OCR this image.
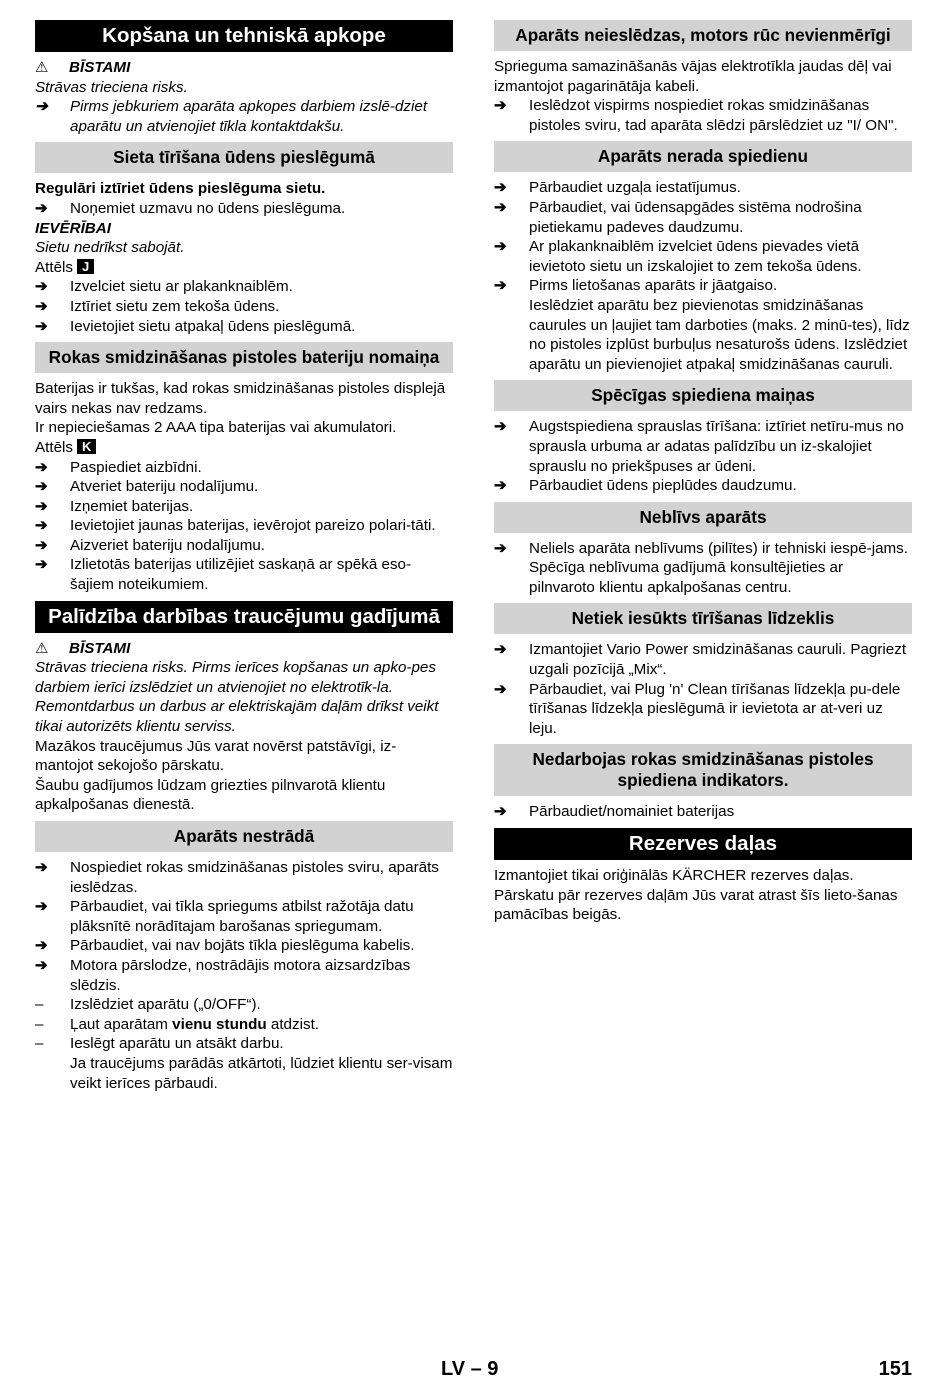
Kopšana un tehniskā apkope

⚠ BĪSTAMI

Strāvas trieciena risks.

➔	Pirms jebkuriem aparāta apkopes darbiem izslē-dziet aparātu un atvienojiet tīkla kontaktdakšu.
Sieta tīrīšana ūdens pieslēgumā

Regulāri iztīriet ūdens pieslēguma sietu.

➔	Noņemiet uzmavu no ūdens pieslēguma.

IEVĒRĪBAI

Sietu nedrīkst sabojāt.

Attēls J

➔	Izvelciet sietu ar plakanknaiblēm.
➔	Iztīriet sietu zem tekoša ūdens.
➔	Ievietojiet sietu atpakaļ ūdens pieslēgumā.
Rokas smidzināšanas pistoles bateriju nomaiņa

Baterijas ir tukšas, kad rokas smidzināšanas pistoles displejā vairs nekas nav redzams.

Ir nepieciešamas 2 AAA tipa baterijas vai akumulatori.

Attēls K

➔	Paspiediet aizbīdni.
➔	Atveriet bateriju nodalījumu.
➔	Izņemiet baterijas.
➔	Ievietojiet jaunas baterijas, ievērojot pareizo polari-tāti.
➔	Aizveriet bateriju nodalījumu.
➔	Izlietotās baterijas utilizējiet saskaņā ar spēkā eso-šajiem noteikumiem.
Palīdzība darbības traucējumu gadījumā

⚠ BĪSTAMI

Strāvas trieciena risks. Pirms ierīces kopšanas un apko-pes darbiem ierīci izslēdziet un atvienojiet no elektrotīk-la.

Remontdarbus un darbus ar elektriskajām daļām drīkst veikt tikai autorizēts klientu serviss.

Mazākos traucējumus Jūs varat novērst patstāvīgi, iz-mantojot sekojošo pārskatu.

Šaubu gadījumos lūdzam griezties pilnvarotā klientu apkalpošanas dienestā.

Aparāts nestrādā
➔	Nospiediet rokas smidzināšanas pistoles sviru, aparāts ieslēdzas.
➔	Pārbaudiet, vai tīkla spriegums atbilst ražotāja datu plāksnītē norādītajam barošanas spriegumam.
➔	Pārbaudiet, vai nav bojāts tīkla pieslēguma kabelis.
➔	Motora pārslodze, nostrādājis motora aizsardzības slēdzis.
–	Izslēdziet aparātu („0/OFF“).
–	Ļaut aparātam vienu stundu atdzist.
–	Ieslēgt aparātu un atsākt darbu.

Ja traucējums parādās atkārtoti, lūdziet klientu ser-visam veikt ierīces pārbaudi.

Aparāts neieslēdzas, motors rūc nevienmērīgi

Sprieguma samazināšanās vājas elektrotīkla jaudas dēļ vai izmantojot pagarinātāja kabeli.

➔	Ieslēdzot vispirms nospiediet rokas smidzināšanas pistoles sviru, tad aparāta slēdzi pārslēdziet uz "I/ ON".
Aparāts nerada spiedienu
➔	Pārbaudiet uzgaļa iestatījumus.
➔	Pārbaudiet, vai ūdensapgādes sistēma nodrošina pietiekamu padeves daudzumu.
➔	Ar plakanknaiblēm izvelciet ūdens pievades vietā ievietoto sietu un izskalojiet to zem tekoša ūdens.
➔	Pirms lietošanas aparāts ir jāatgaiso.

Ieslēdziet aparātu bez pievienotas smidzināšanas caurules un ļaujiet tam darboties (maks. 2 minū-tes), līdz no pistoles izplūst burbuļus nesaturošs ūdens. Izslēdziet aparātu un pievienojiet atpakaļ smidzināšanas cauruli.

Spēcīgas spiediena maiņas
➔	Augstspiediena sprauslas tīrīšana: iztīriet netīru-mus no sprausla urbuma ar adatas palīdzību un iz-skalojiet sprauslu no priekšpuses ar ūdeni.
➔	Pārbaudiet ūdens pieplūdes daudzumu.
Neblīvs aparāts
➔	Neliels aparāta neblīvums (pilītes) ir tehniski iespē-jams. Spēcīga neblīvuma gadījumā konsultējieties ar pilnvaroto klientu apkalpošanas centru.
Netiek iesūkts tīrīšanas līdzeklis
➔	Izmantojiet Vario Power smidzināšanas cauruli. Pagriezt uzgali pozīcijā „Mix“.
➔	Pārbaudiet, vai Plug 'n' Clean tīrīšanas līdzekļa pu-dele tīrīšanas līdzekļa pieslēgumā ir ievietota ar at-veri uz leju.
Nedarbojas rokas smidzināšanas pistoles spiediena indikators.
➔	Pārbaudiet/nomainiet baterijas
Rezerves daļas

Izmantojiet tikai oriģinālās KÄRCHER rezerves daļas. Pārskatu pār rezerves daļām Jūs varat atrast šīs lieto-šanas pamācības beigās.

LV – 9	151
